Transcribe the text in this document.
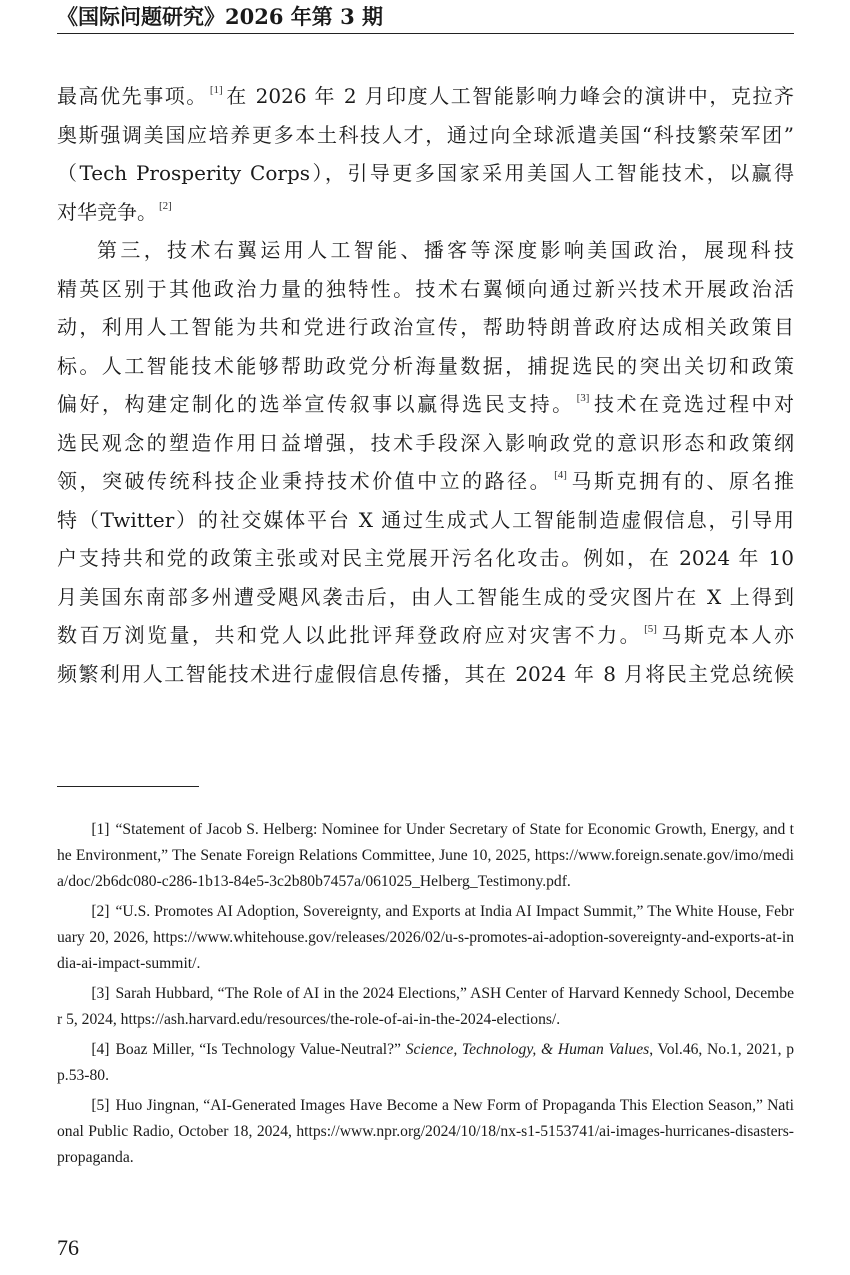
《国际问题研究》2026 年第 3 期

最高优先事项。 [1] 在 2026 年 2 月印度人工智能影响力峰会的演讲中，克拉齐
奥斯强调美国应培养更多本土科技人才，通过向全球派遣美国“科技繁荣军团”
（Tech Prosperity Corps），引导更多国家采用美国人工智能技术，以赢得
对华竞争。 [2]

第三，技术右翼运用人工智能、播客等深度影响美国政治，展现科技
精英区别于其他政治力量的独特性。技术右翼倾向通过新兴技术开展政治活
动，利用人工智能为共和党进行政治宣传，帮助特朗普政府达成相关政策目
标。人工智能技术能够帮助政党分析海量数据，捕捉选民的突出关切和政策
偏好，构建定制化的选举宣传叙事以赢得选民支持。 [3] 技术在竞选过程中对
选民观念的塑造作用日益增强，技术手段深入影响政党的意识形态和政策纲
领，突破传统科技企业秉持技术价值中立的路径。 [4] 马斯克拥有的、原名推
特（Twitter）的社交媒体平台 X 通过生成式人工智能制造虚假信息，引导用
户支持共和党的政策主张或对民主党展开污名化攻击。例如，在 2024 年 10
月美国东南部多州遭受飓风袭击后，由人工智能生成的受灾图片在 X 上得到
数百万浏览量，共和党人以此批评拜登政府应对灾害不力。 [5] 马斯克本人亦
频繁利用人工智能技术进行虚假信息传播，其在 2024 年 8 月将民主党总统候

[1] “Statement of Jacob S. Helberg: Nominee for Under Secretary of State for Economic Growth, Energy, and the Environment,” The Senate Foreign Relations Committee, June 10, 2025, https://www.foreign.senate.gov/imo/media/doc/2b6dc080-c286-1b13-84e5-3c2b80b7457a/061025_Helberg_Testimony.pdf.

[2] “U.S. Promotes AI Adoption, Sovereignty, and Exports at India AI Impact Summit,” The White House, February 20, 2026, https://www.whitehouse.gov/releases/2026/02/u-s-promotes-ai-adoption-sovereignty-and-exports-at-india-ai-impact-summit/.

[3] Sarah Hubbard, “The Role of AI in the 2024 Elections,” ASH Center of Harvard Kennedy School, December 5, 2024, https://ash.harvard.edu/resources/the-role-of-ai-in-the-2024-elections/.

[4] Boaz Miller, “Is Technology Value-Neutral?” Science, Technology, & Human Values, Vol.46, No.1, 2021, pp.53-80.

[5] Huo Jingnan, “AI-Generated Images Have Become a New Form of Propaganda This Election Season,” National Public Radio, October 18, 2024, https://www.npr.org/2024/10/18/nx-s1-5153741/ai-images-hurricanes-disasters-propaganda.

76
